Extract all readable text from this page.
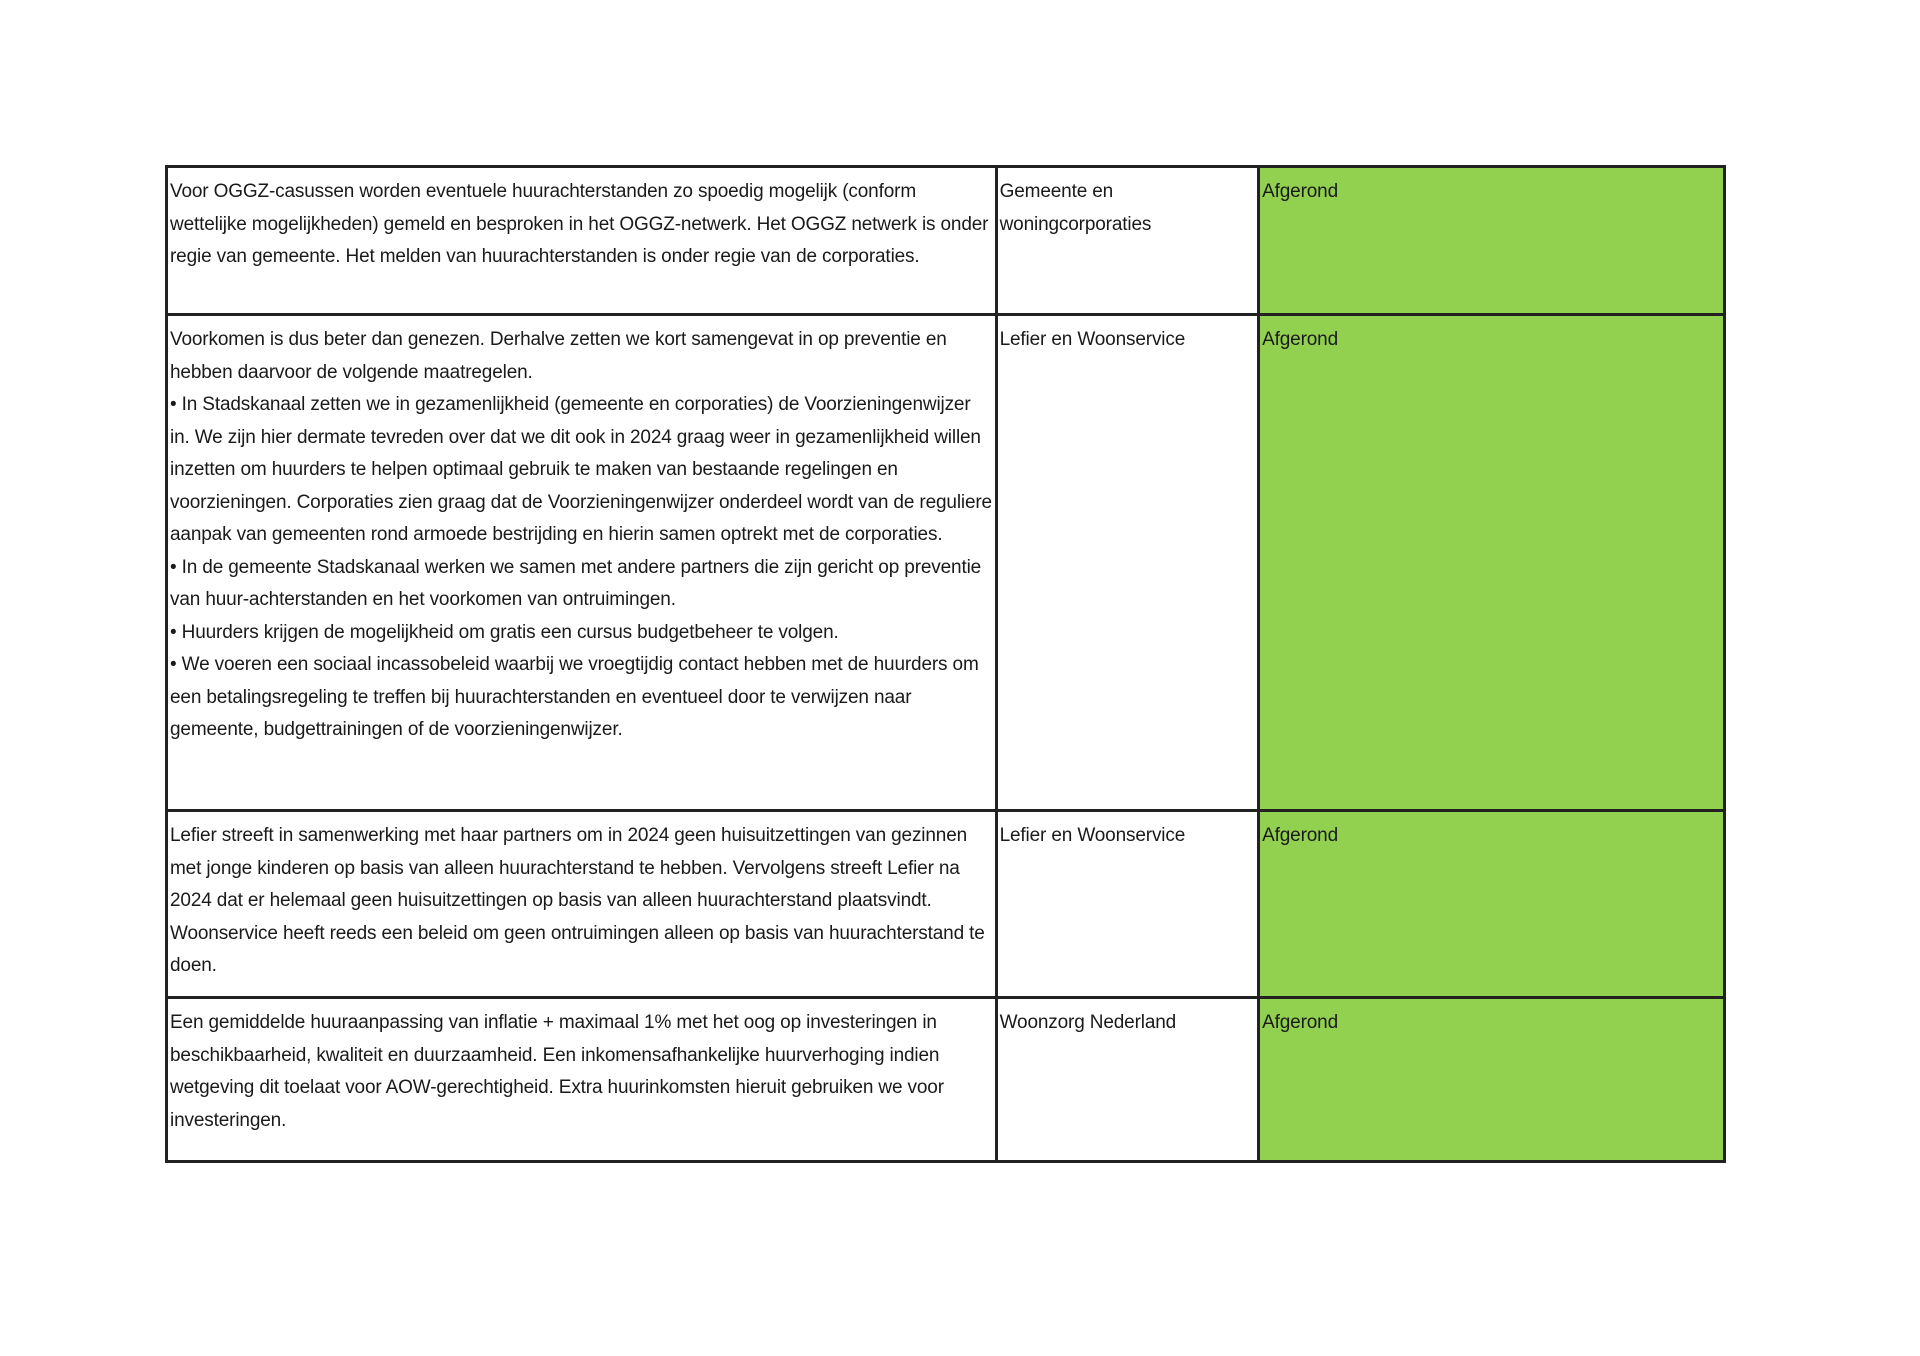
Voor OGGZ-casussen worden eventuele huurachterstanden zo spoedig mogelijk (conform wettelijke mogelijkheden) gemeld en besproken in het OGGZ-netwerk. Het OGGZ netwerk is onder regie van gemeente. Het melden van huurachterstanden is onder regie van de corporaties.	Gemeente en woningcorporaties	Afgerond

Voorkomen is dus beter dan genezen. Derhalve zetten we kort samengevat in op preventie en hebben daarvoor de volgende maatregelen.
• In Stadskanaal zetten we in gezamenlijkheid (gemeente en corporaties) de Voorzieningenwijzer in. We zijn hier dermate tevreden over dat we dit ook in 2024 graag weer in gezamenlijkheid willen inzetten om huurders te helpen optimaal gebruik te maken van bestaande regelingen en voorzieningen. Corporaties zien graag dat de Voorzieningenwijzer onderdeel wordt van de reguliere aanpak van gemeenten rond armoede bestrijding en hierin samen optrekt met de corporaties.
• In de gemeente Stadskanaal werken we samen met andere partners die zijn gericht op preventie van huur-achterstanden en het voorkomen van ontruimingen.
• Huurders krijgen de mogelijkheid om gratis een cursus budgetbeheer te volgen.
• We voeren een sociaal incassobeleid waarbij we vroegtijdig contact hebben met de huurders om een betalingsregeling te treffen bij huurachterstanden en eventueel door te verwijzen naar gemeente, budgettrainingen of de voorzieningenwijzer.	Lefier en Woonservice	Afgerond

Lefier streeft in samenwerking met haar partners om in 2024 geen huisuitzettingen van gezinnen met jonge kinderen op basis van alleen huurachterstand te hebben. Vervolgens streeft Lefier na 2024 dat er helemaal geen huisuitzettingen op basis van alleen huurachterstand plaatsvindt. Woonservice heeft reeds een beleid om geen ontruimingen alleen op basis van huurachterstand te doen.	Lefier en Woonservice	Afgerond

Een gemiddelde huuraanpassing van inflatie + maximaal 1% met het oog op investeringen in beschikbaarheid, kwaliteit en duurzaamheid. Een inkomensafhankelijke huurverhoging indien wetgeving dit toelaat voor AOW-gerechtigheid. Extra huurinkomsten hieruit gebruiken we voor investeringen.	Woonzorg Nederland	Afgerond
